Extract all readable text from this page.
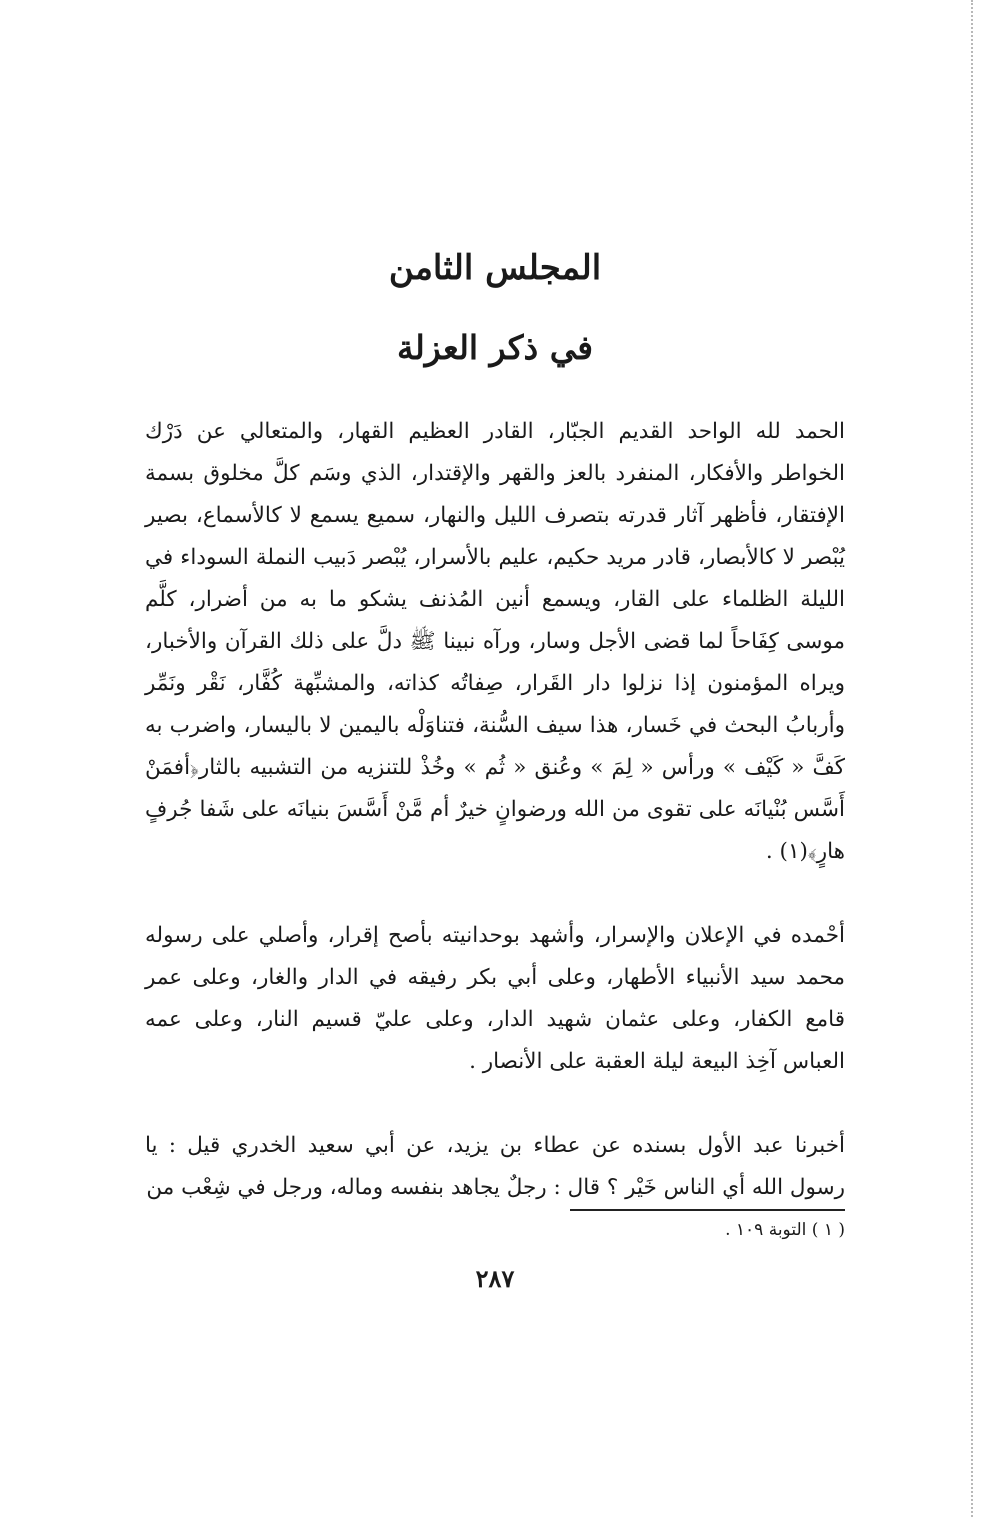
المجلس الثامن
في ذكر العزلة

الحمد لله الواحد القديم الجبّار، القادر العظيم القهار، والمتعالي عن دَرْك الخواطر والأفكار، المنفرد بالعز والقهر والإقتدار، الذي وسَم كلَّ مخلوق بسمة الإفتقار، فأظهر آثار قدرته بتصرف الليل والنهار، سميع يسمع لا كالأسماع، بصير يُبْصر لا كالأبصار، قادر مريد حكيم، عليم بالأسرار، يُبْصر دَبيب النملة السوداء في الليلة الظلماء على القار، ويسمع أنين المُذنف يشكو ما به من أضرار، كلَّم موسى كِفَاحاً لما قضى الأجل وسار، ورآه نبينا ﷺ دلَّ على ذلك القرآن والأخبار، ويراه المؤمنون إذا نزلوا دار القَرار، صِفاتُه كذاته، والمشبِّهة كُفَّار، نَقْر ونَمِّر وأربابُ البحث في خَسار، هذا سيف السُّنة، فتناوَلْه باليمين لا باليسار، واضرب به كَفَّ « كَيْف » ورأس « لِمَ » وعُنق « ثُم » وخُذْ للتنزيه من التشبيه بالثار﴿أفمَنْ أَسَّس بُنْيانَه على تقوى من الله ورضوانٍ خيرٌ أم مَّنْ أَسَّسَ بنيانَه على شَفا جُرفٍ هارٍ﴾(١) .

أحْمده في الإعلان والإسرار، وأشهد بوحدانيته بأصح إقرار، وأصلي على رسوله محمد سيد الأنبياء الأطهار، وعلى أبي بكر رفيقه في الدار والغار، وعلى عمر قامع الكفار، وعلى عثمان شهيد الدار، وعلى عليّ قسيم النار، وعلى عمه العباس آخِذ البيعة ليلة العقبة على الأنصار .

أخبرنا عبد الأول بسنده عن عطاء بن يزيد، عن أبي سعيد الخدري قيل : يا رسول الله أي الناس خَيْر ؟ قال : رجلٌ يجاهد بنفسه وماله، ورجل في شِعْب من

( ١ ) التوبة ١٠٩ .

٢٨٧
